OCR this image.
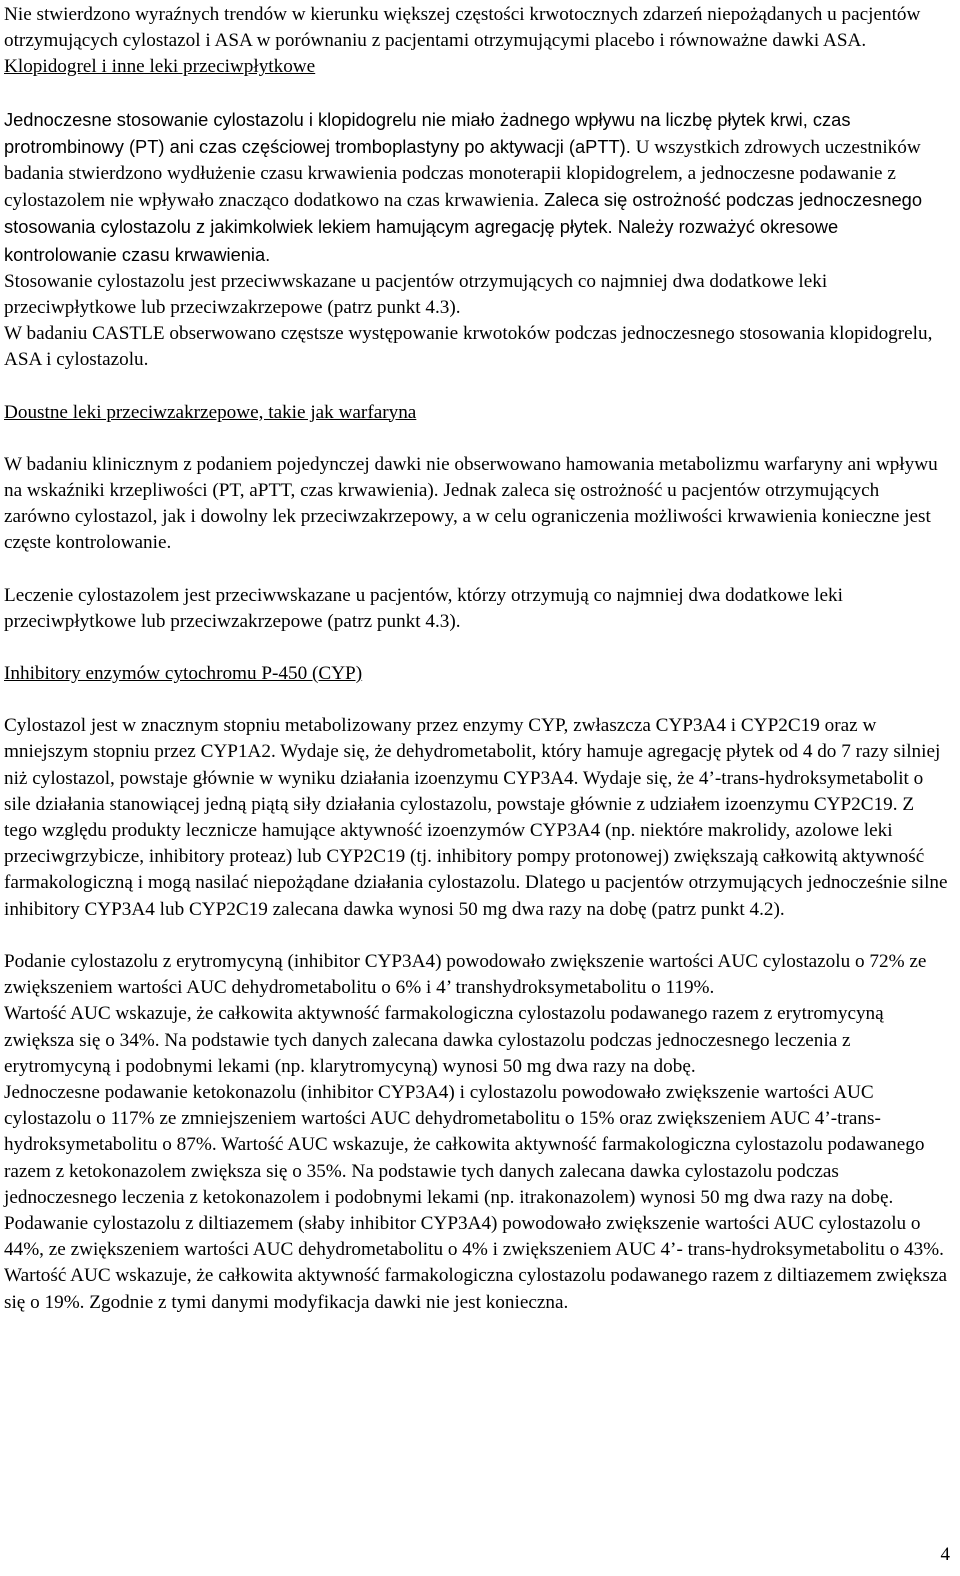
Nie stwierdzono wyraźnych trendów w kierunku większej częstości krwotocznych zdarzeń niepożądanych u pacjentów otrzymujących cylostazol i ASA w porównaniu z pacjentami otrzymującymi placebo i równoważne dawki ASA.

Klopidogrel i inne leki przeciwpłytkowe

Jednoczesne stosowanie cylostazolu i klopidogrelu nie miało żadnego wpływu na liczbę płytek krwi, czas protrombinowy (PT) ani czas częściowej tromboplastyny po aktywacji (aPTT). U wszystkich zdrowych uczestników badania stwierdzono wydłużenie czasu krwawienia podczas monoterapii klopidogrelem, a jednoczesne podawanie z cylostazolem nie wpływało znacząco dodatkowo na czas krwawienia. Zaleca się ostrożność podczas jednoczesnego stosowania cylostazolu z jakimkolwiek lekiem hamującym agregację płytek. Należy rozważyć okresowe kontrolowanie czasu krwawienia.

Stosowanie cylostazolu jest przeciwwskazane u pacjentów otrzymujących co najmniej dwa dodatkowe leki przeciwpłytkowe lub przeciwzakrzepowe (patrz punkt 4.3).

W badaniu CASTLE obserwowano częstsze występowanie krwotoków podczas jednoczesnego stosowania klopidogrelu, ASA i cylostazolu.

Doustne leki przeciwzakrzepowe, takie jak warfaryna

W badaniu klinicznym z podaniem pojedynczej dawki nie obserwowano hamowania metabolizmu warfaryny ani wpływu na wskaźniki krzepliwości (PT, aPTT, czas krwawienia). Jednak zaleca się ostrożność u pacjentów otrzymujących zarówno cylostazol, jak i dowolny lek przeciwzakrzepowy, a w celu ograniczenia możliwości krwawienia konieczne jest częste kontrolowanie.

Leczenie cylostazolem jest przeciwwskazane u pacjentów, którzy otrzymują co najmniej dwa dodatkowe leki przeciwpłytkowe lub przeciwzakrzepowe (patrz punkt 4.3).

Inhibitory enzymów cytochromu P-450 (CYP)

Cylostazol jest w znacznym stopniu metabolizowany przez enzymy CYP, zwłaszcza CYP3A4 i CYP2C19 oraz w mniejszym stopniu przez CYP1A2. Wydaje się, że dehydrometabolit, który hamuje agregację płytek od 4 do 7 razy silniej niż cylostazol, powstaje głównie w wyniku działania izoenzymu CYP3A4. Wydaje się, że 4’-trans-hydroksymetabolit o sile działania stanowiącej jedną piątą siły działania cylostazolu, powstaje głównie z udziałem izoenzymu CYP2C19. Z tego względu produkty lecznicze hamujące aktywność izoenzymów CYP3A4 (np. niektóre makrolidy, azolowe leki przeciwgrzybicze, inhibitory proteaz) lub CYP2C19 (tj. inhibitory pompy protonowej) zwiększają całkowitą aktywność farmakologiczną i mogą nasilać niepożądane działania cylostazolu. Dlatego u pacjentów otrzymujących jednocześnie silne inhibitory CYP3A4 lub CYP2C19 zalecana dawka wynosi 50 mg dwa razy na dobę (patrz punkt 4.2).

Podanie cylostazolu z erytromycyną (inhibitor CYP3A4) powodowało zwiększenie wartości AUC cylostazolu o 72% ze zwiększeniem wartości AUC dehydrometabolitu o 6% i 4’ transhydroksymetabolitu o 119%.

Wartość AUC wskazuje, że całkowita aktywność farmakologiczna cylostazolu podawanego razem z erytromycyną zwiększa się o 34%. Na podstawie tych danych zalecana dawka cylostazolu podczas jednoczesnego leczenia z erytromycyną i podobnymi lekami (np. klarytromycyną) wynosi 50 mg dwa razy na dobę.

Jednoczesne podawanie ketokonazolu (inhibitor CYP3A4) i cylostazolu powodowało zwiększenie wartości AUC cylostazolu o 117% ze zmniejszeniem wartości AUC dehydrometabolitu o 15% oraz zwiększeniem AUC 4’-trans-hydroksymetabolitu o 87%. Wartość AUC wskazuje, że całkowita aktywność farmakologiczna cylostazolu podawanego razem z ketokonazolem zwiększa się o 35%. Na podstawie tych danych zalecana dawka cylostazolu podczas jednoczesnego leczenia z ketokonazolem i podobnymi lekami (np. itrakonazolem) wynosi 50 mg dwa razy na dobę.

Podawanie cylostazolu z diltiazemem (słaby inhibitor CYP3A4) powodowało zwiększenie wartości AUC cylostazolu o 44%, ze zwiększeniem wartości AUC dehydrometabolitu o 4% i zwiększeniem AUC 4’- trans-hydroksymetabolitu o 43%. Wartość AUC wskazuje, że całkowita aktywność farmakologiczna cylostazolu podawanego razem z diltiazemem zwiększa się o 19%. Zgodnie z tymi danymi modyfikacja dawki nie jest konieczna.

4
